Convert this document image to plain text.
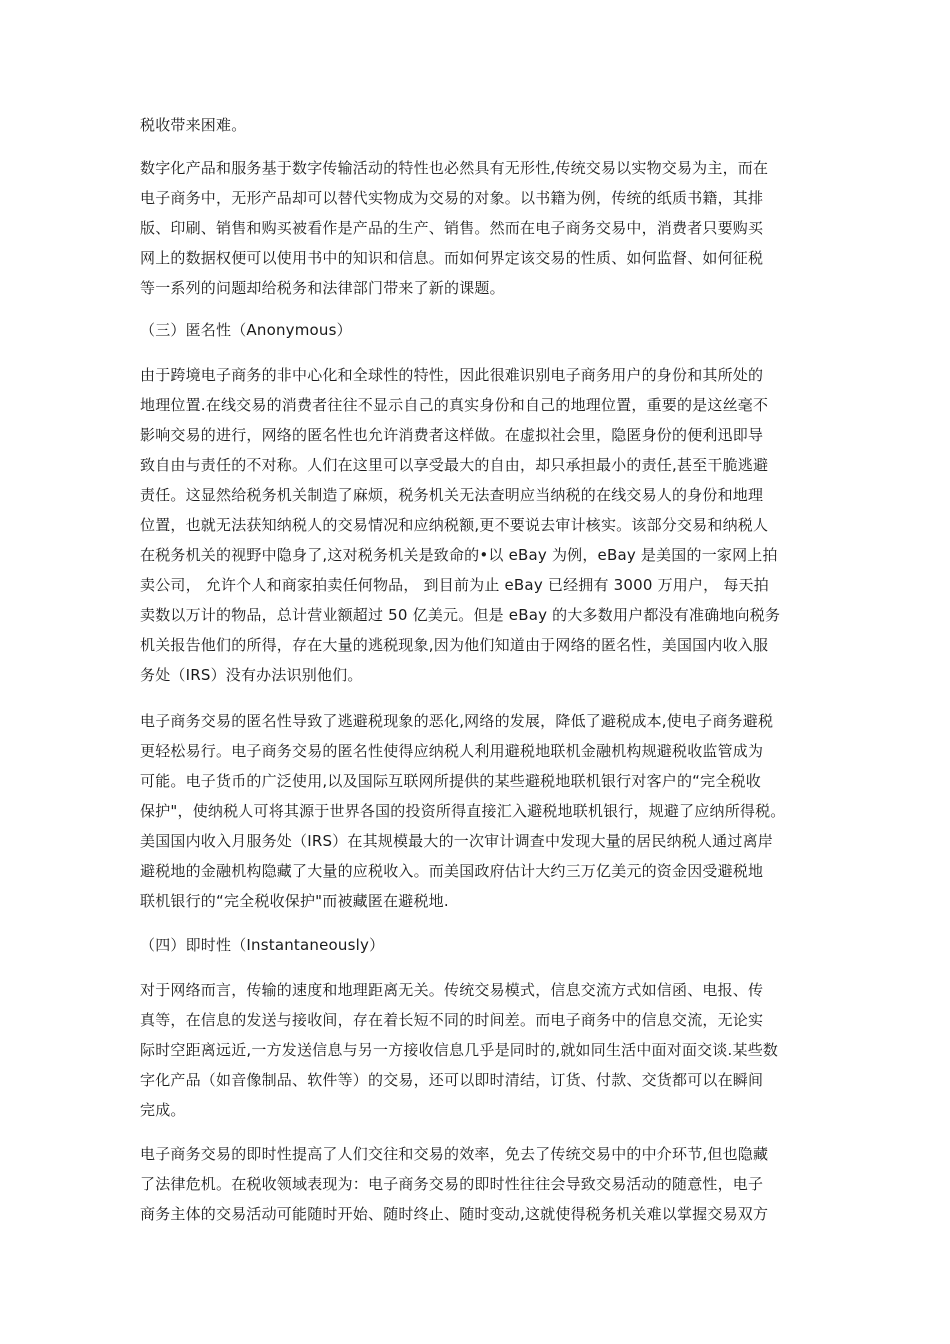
税收带来困难。
数字化产品和服务基于数字传输活动的特性也必然具有无形性,传统交易以实物交易为主，而在
电子商务中，无形产品却可以替代实物成为交易的对象。以书籍为例，传统的纸质书籍，其排
版、印刷、销售和购买被看作是产品的生产、销售。然而在电子商务交易中，消费者只要购买
网上的数据权便可以使用书中的知识和信息。而如何界定该交易的性质、如何监督、如何征税
等一系列的问题却给税务和法律部门带来了新的课题。
（三）匿名性（Anonymous）
由于跨境电子商务的非中心化和全球性的特性，因此很难识别电子商务用户的身份和其所处的
地理位置.在线交易的消费者往往不显示自己的真实身份和自己的地理位置，重要的是这丝毫不
影响交易的进行，网络的匿名性也允许消费者这样做。在虚拟社会里，隐匿身份的便利迅即导
致自由与责任的不对称。人们在这里可以享受最大的自由，却只承担最小的责任,甚至干脆逃避
责任。这显然给税务机关制造了麻烦，税务机关无法查明应当纳税的在线交易人的身份和地理
位置，也就无法获知纳税人的交易情况和应纳税额,更不要说去审计核实。该部分交易和纳税人
在税务机关的视野中隐身了,这对税务机关是致命的•以 eBay 为例，eBay 是美国的一家网上拍
卖公司， 允许个人和商家拍卖任何物品， 到目前为止 eBay 已经拥有 3000 万用户， 每天拍
卖数以万计的物品，总计营业额超过 50 亿美元。但是 eBay 的大多数用户都没有准确地向税务
机关报告他们的所得，存在大量的逃税现象,因为他们知道由于网络的匿名性，美国国内收入服
务处（IRS）没有办法识别他们。
电子商务交易的匿名性导致了逃避税现象的恶化,网络的发展，降低了避税成本,使电子商务避税
更轻松易行。电子商务交易的匿名性使得应纳税人利用避税地联机金融机构规避税收监管成为
可能。电子货币的广泛使用,以及国际互联网所提供的某些避税地联机银行对客户的“完全税收
保护"，使纳税人可将其源于世界各国的投资所得直接汇入避税地联机银行，规避了应纳所得税。
美国国内收入月服务处（IRS）在其规模最大的一次审计调查中发现大量的居民纳税人通过离岸
避税地的金融机构隐藏了大量的应税收入。而美国政府估计大约三万亿美元的资金因受避税地
联机银行的“完全税收保护"而被藏匿在避税地.
（四）即时性（Instantaneously）
对于网络而言，传输的速度和地理距离无关。传统交易模式，信息交流方式如信函、电报、传
真等，在信息的发送与接收间，存在着长短不同的时间差。而电子商务中的信息交流，无论实
际时空距离远近,一方发送信息与另一方接收信息几乎是同时的,就如同生活中面对面交谈.某些数
字化产品（如音像制品、软件等）的交易，还可以即时清结，订货、付款、交货都可以在瞬间
完成。
电子商务交易的即时性提高了人们交往和交易的效率，免去了传统交易中的中介环节,但也隐藏
了法律危机。在税收领域表现为：电子商务交易的即时性往往会导致交易活动的随意性，电子
商务主体的交易活动可能随时开始、随时终止、随时变动,这就使得税务机关难以掌握交易双方
